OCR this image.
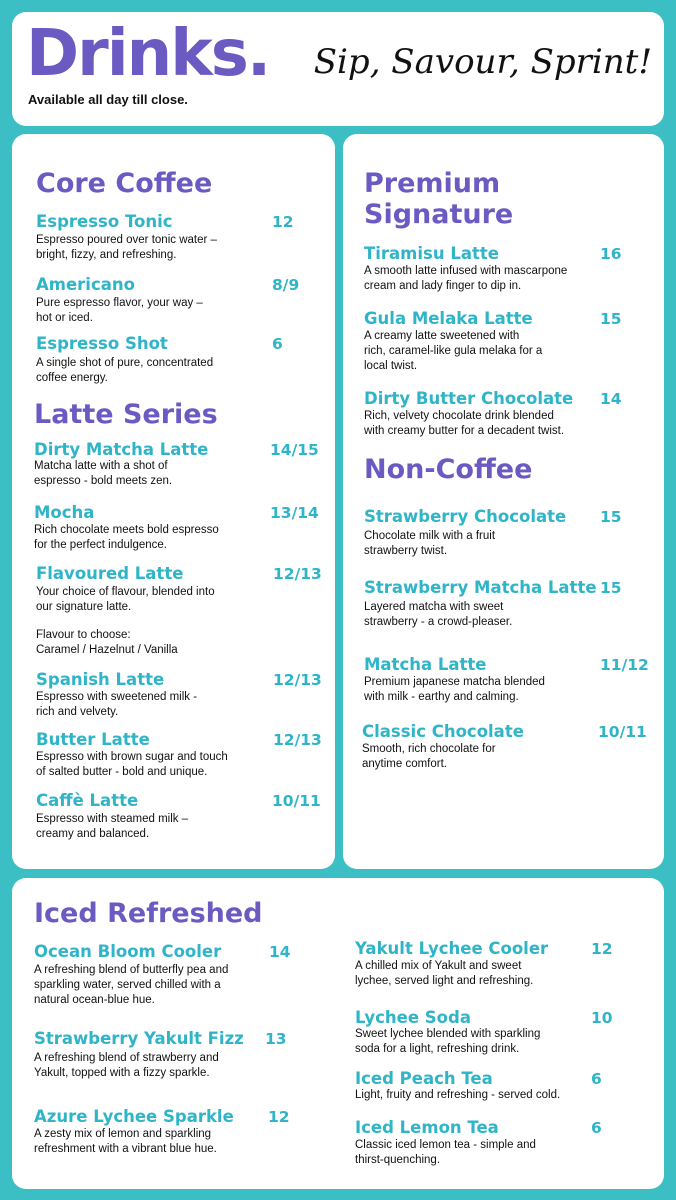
Drinks.
Available all day till close.
Sip, Savour, Sprint!
Core Coffee
Espresso Tonic	12
Espresso poured over tonic water –
bright, fizzy, and refreshing.
Americano	8/9
Pure espresso flavor, your way –
hot or iced.
Espresso Shot	6
A single shot of pure, concentrated
coffee energy.
Latte Series
Dirty Matcha Latte	14/15
Matcha latte with a shot of
espresso - bold meets zen.
Mocha	13/14
Rich chocolate meets bold espresso
for the perfect indulgence.
Flavoured Latte	12/13
Your choice of flavour, blended into
our signature latte.
Flavour to choose:
Caramel / Hazelnut / Vanilla
Spanish Latte	12/13
Espresso with sweetened milk -
rich and velvety.
Butter Latte	12/13
Espresso with brown sugar and touch
of salted butter - bold and unique.
Caffè Latte	10/11
Espresso with steamed milk –
creamy and balanced.
Premium
Signature
Tiramisu Latte	16
A smooth latte infused with mascarpone
cream and lady finger to dip in.
Gula Melaka Latte	15
A creamy latte sweetened with
rich, caramel-like gula melaka for a
local twist.
Dirty Butter Chocolate 14
Rich, velvety chocolate drink blended
with creamy butter for a decadent twist.
Non-Coffee
Strawberry Chocolate 15
Chocolate milk with a fruit
strawberry twist.
Strawberry Matcha Latte 15
Layered matcha with sweet
strawberry - a crowd-pleaser.
Matcha Latte	11/12
Premium japanese matcha blended
with milk - earthy and calming.
Classic Chocolate	10/11
Smooth, rich chocolate for
anytime comfort.
Iced Refreshed
Ocean Bloom Cooler	14
A refreshing blend of butterfly pea and
sparkling water, served chilled with a
natural ocean-blue hue.
Strawberry Yakult Fizz 13
A refreshing blend of strawberry and
Yakult, topped with a fizzy sparkle.
Azure Lychee Sparkle 12
A zesty mix of lemon and sparkling
refreshment with a vibrant blue hue.
Yakult Lychee Cooler	12
A chilled mix of Yakult and sweet
lychee, served light and refreshing.
Lychee Soda	10
Sweet lychee blended with sparkling
soda for a light, refreshing drink.
Iced Peach Tea	6
Light, fruity and refreshing - served cold.
Iced Lemon Tea	6
Classic iced lemon tea - simple and
thirst-quenching.
